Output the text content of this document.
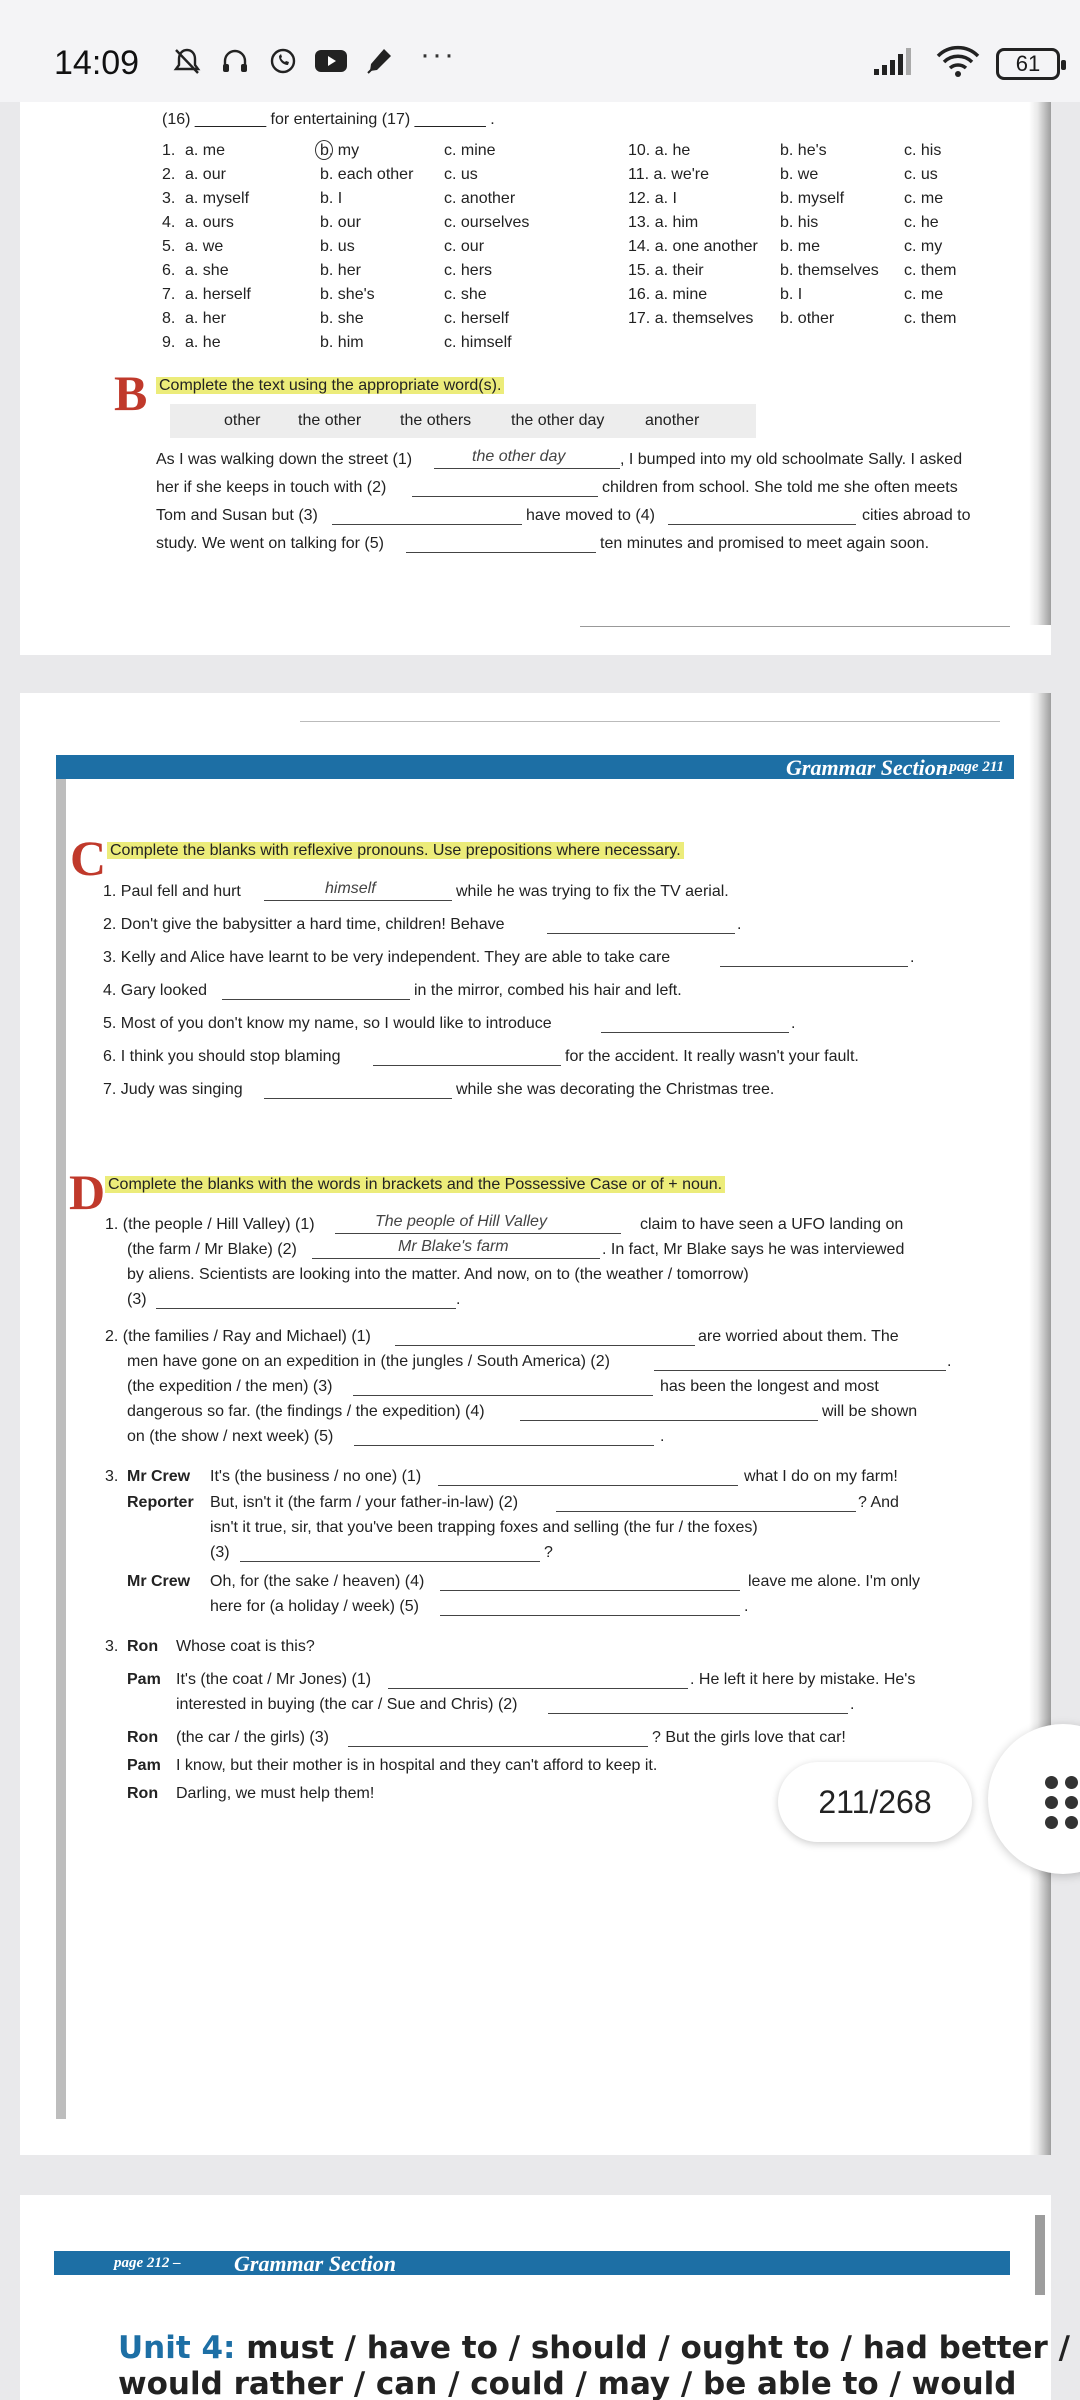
14:09	···	61
(16) ________ for entertaining (17) ________ .
1. a. me	b. my	c. mine	10. a. he	b. he's	c. his
2. a. our	b. each other c. us	11. a. we're	b. we	c. us
3. a. myself	b. I	c. another	12. a. I	b. myself	c. me
4. a. ours	b. our	c. ourselves	13. a. him	b. his	c. he
5. a. we	b. us	c. our	14. a. one another b. me	c. my
6. a. she	b. her	c. hers	15. a. their	b. themselves c. them
7. a. herself	b. she's	c. she	16. a. mine	b. I	c. me
8. a. her	b. she	c. herself	17. a. themselves b. other	c. them
9. a. he	b. him	c. himself
B Complete the text using the appropriate word(s).
other the other the others the other day	another
As I was walking down the street (1)	the other day	, I bumped into my old schoolmate Sally. I asked
her if she keeps in touch with (2)	children from school. She told me she often meets
Tom and Susan but (3)	have moved to (4)	cities abroad to
study. We went on talking for (5)	ten minutes and promised to meet again soon.
Grammar Section
– page 211
C Complete the blanks with reflexive pronouns. Use prepositions where necessary.
1. Paul fell and hurt	himself	while he was trying to fix the TV aerial.
2. Don't give the babysitter a hard time, children! Behave	.
3. Kelly and Alice have learnt to be very independent. They are able to take care	.
4. Gary looked	in the mirror, combed his hair and left.
5. Most of you don't know my name, so I would like to introduce	.
6. I think you should stop blaming	for the accident. It really wasn't your fault.
7. Judy was singing	while she was decorating the Christmas tree.
D Complete the blanks with the words in brackets and the Possessive Case or of + noun.
1. (the people / Hill Valley) (1)	The people of Hill Valley	claim to have seen a UFO landing on
(the farm / Mr Blake) (2)	Mr Blake's farm	. In fact, Mr Blake says he was interviewed
by aliens. Scientists are looking into the matter. And now, on to (the weather / tomorrow)
(3)	.
2. (the families / Ray and Michael) (1)	are worried about them. The
men have gone on an expedition in (the jungles / South America) (2)	.
(the expedition / the men) (3)	has been the longest and most
dangerous so far. (the findings / the expedition) (4)	will be shown
on (the show / next week) (5)	.
3. Mr Crew It's (the business / no one) (1)	what I do on my farm!
Reporter But, isn't it (the farm / your father-in-law) (2)	? And
isn't it true, sir, that you've been trapping foxes and selling (the fur / the foxes)
(3)	?
Mr Crew Oh, for (the sake / heaven) (4)	leave me alone. I'm only
here for (a holiday / week) (5)	.
3. Ron Whose coat is this?
Pam It's (the coat / Mr Jones) (1)	. He left it here by mistake. He's
interested in buying (the car / Sue and Chris) (2)	.
Ron (the car / the girls) (3)	? But the girls love that car!
Pam I know, but their mother is in hospital and they can't afford to keep it.
Ron Darling, we must help them!
page 212 – Grammar Section
Unit 4: must / have to / should / ought to / had better /
would rather / can / could / may / be able to / would
211/268
